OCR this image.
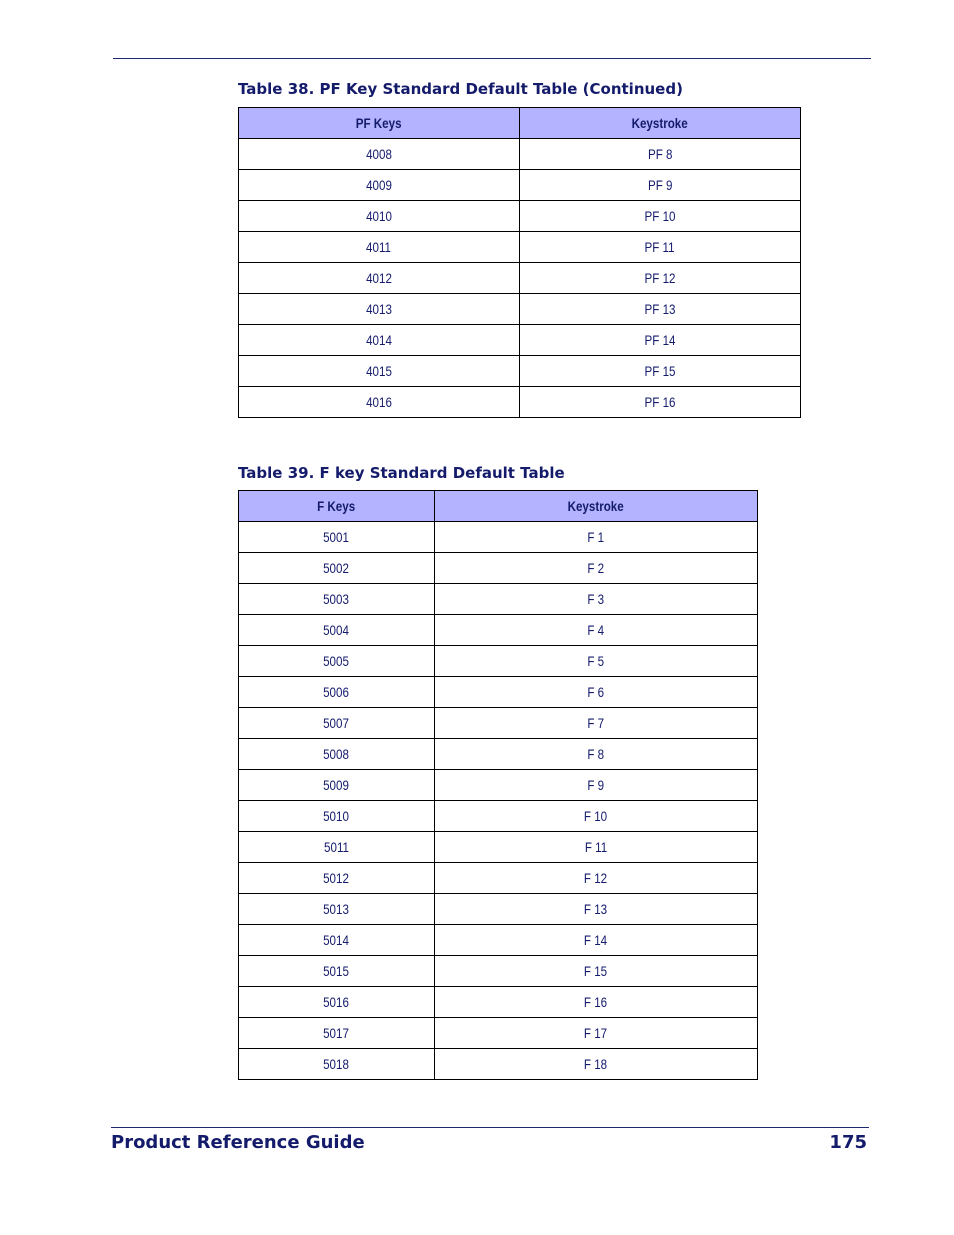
Table 38. PF Key Standard Default Table (Continued)
PF Keys	Keystroke
4008	PF 8
4009	PF 9
4010	PF 10
4011	PF 11
4012	PF 12
4013	PF 13
4014	PF 14
4015	PF 15
4016	PF 16
Table 39. F key Standard Default Table
F Keys	Keystroke
5001	F 1
5002	F 2
5003	F 3
5004	F 4
5005	F 5
5006	F 6
5007	F 7
5008	F 8
5009	F 9
5010	F 10
5011	F 11
5012	F 12
5013	F 13
5014	F 14
5015	F 15
5016	F 16
5017	F 17
5018	F 18
Product Reference Guide	175
